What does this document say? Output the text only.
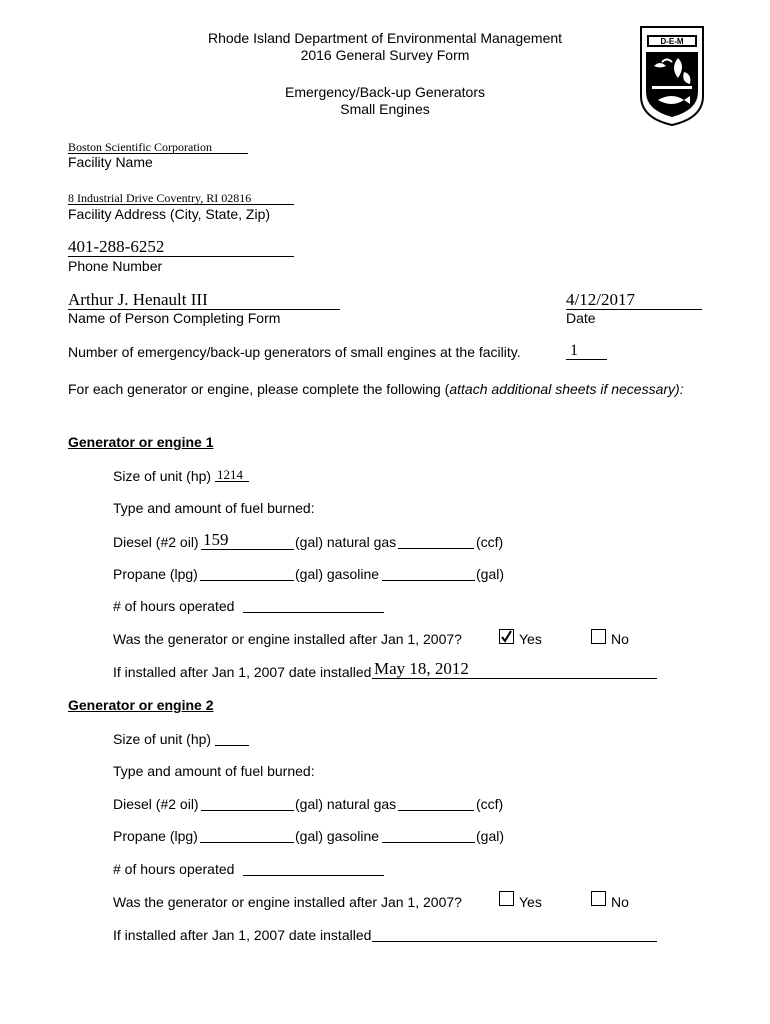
Rhode Island Department of Environmental Management
2016 General Survey Form
Emergency/Back-up Generators
Small Engines
D-E-M
Boston Scientific Corporation
Facility Name
8 Industrial Drive Coventry, RI 02816
Facility Address (City, State, Zip)
401-288-6252
Phone Number
Arthur J. Henault III
Name of Person Completing Form
4/12/2017
Date
Number of emergency/back-up generators of small engines at the facility.	1
For each generator or engine, please complete the following (attach additional sheets if necessary):
Generator or engine 1
Size of unit (hp) 1214
Type and amount of fuel burned:
Diesel (#2 oil) 159	(gal) natural gas	(ccf)
Propane (lpg)	(gal) gasoline	(gal)
# of hours operated
Was the generator or engine installed after Jan 1, 2007?	Yes	No
If installed after Jan 1, 2007 date installed May 18, 2012
Generator or engine 2
Size of unit (hp)
Type and amount of fuel burned:
Diesel (#2 oil)	(gal) natural gas	(ccf)
Propane (lpg)	(gal) gasoline	(gal)
# of hours operated
Was the generator or engine installed after Jan 1, 2007?	Yes	No
If installed after Jan 1, 2007 date installed
